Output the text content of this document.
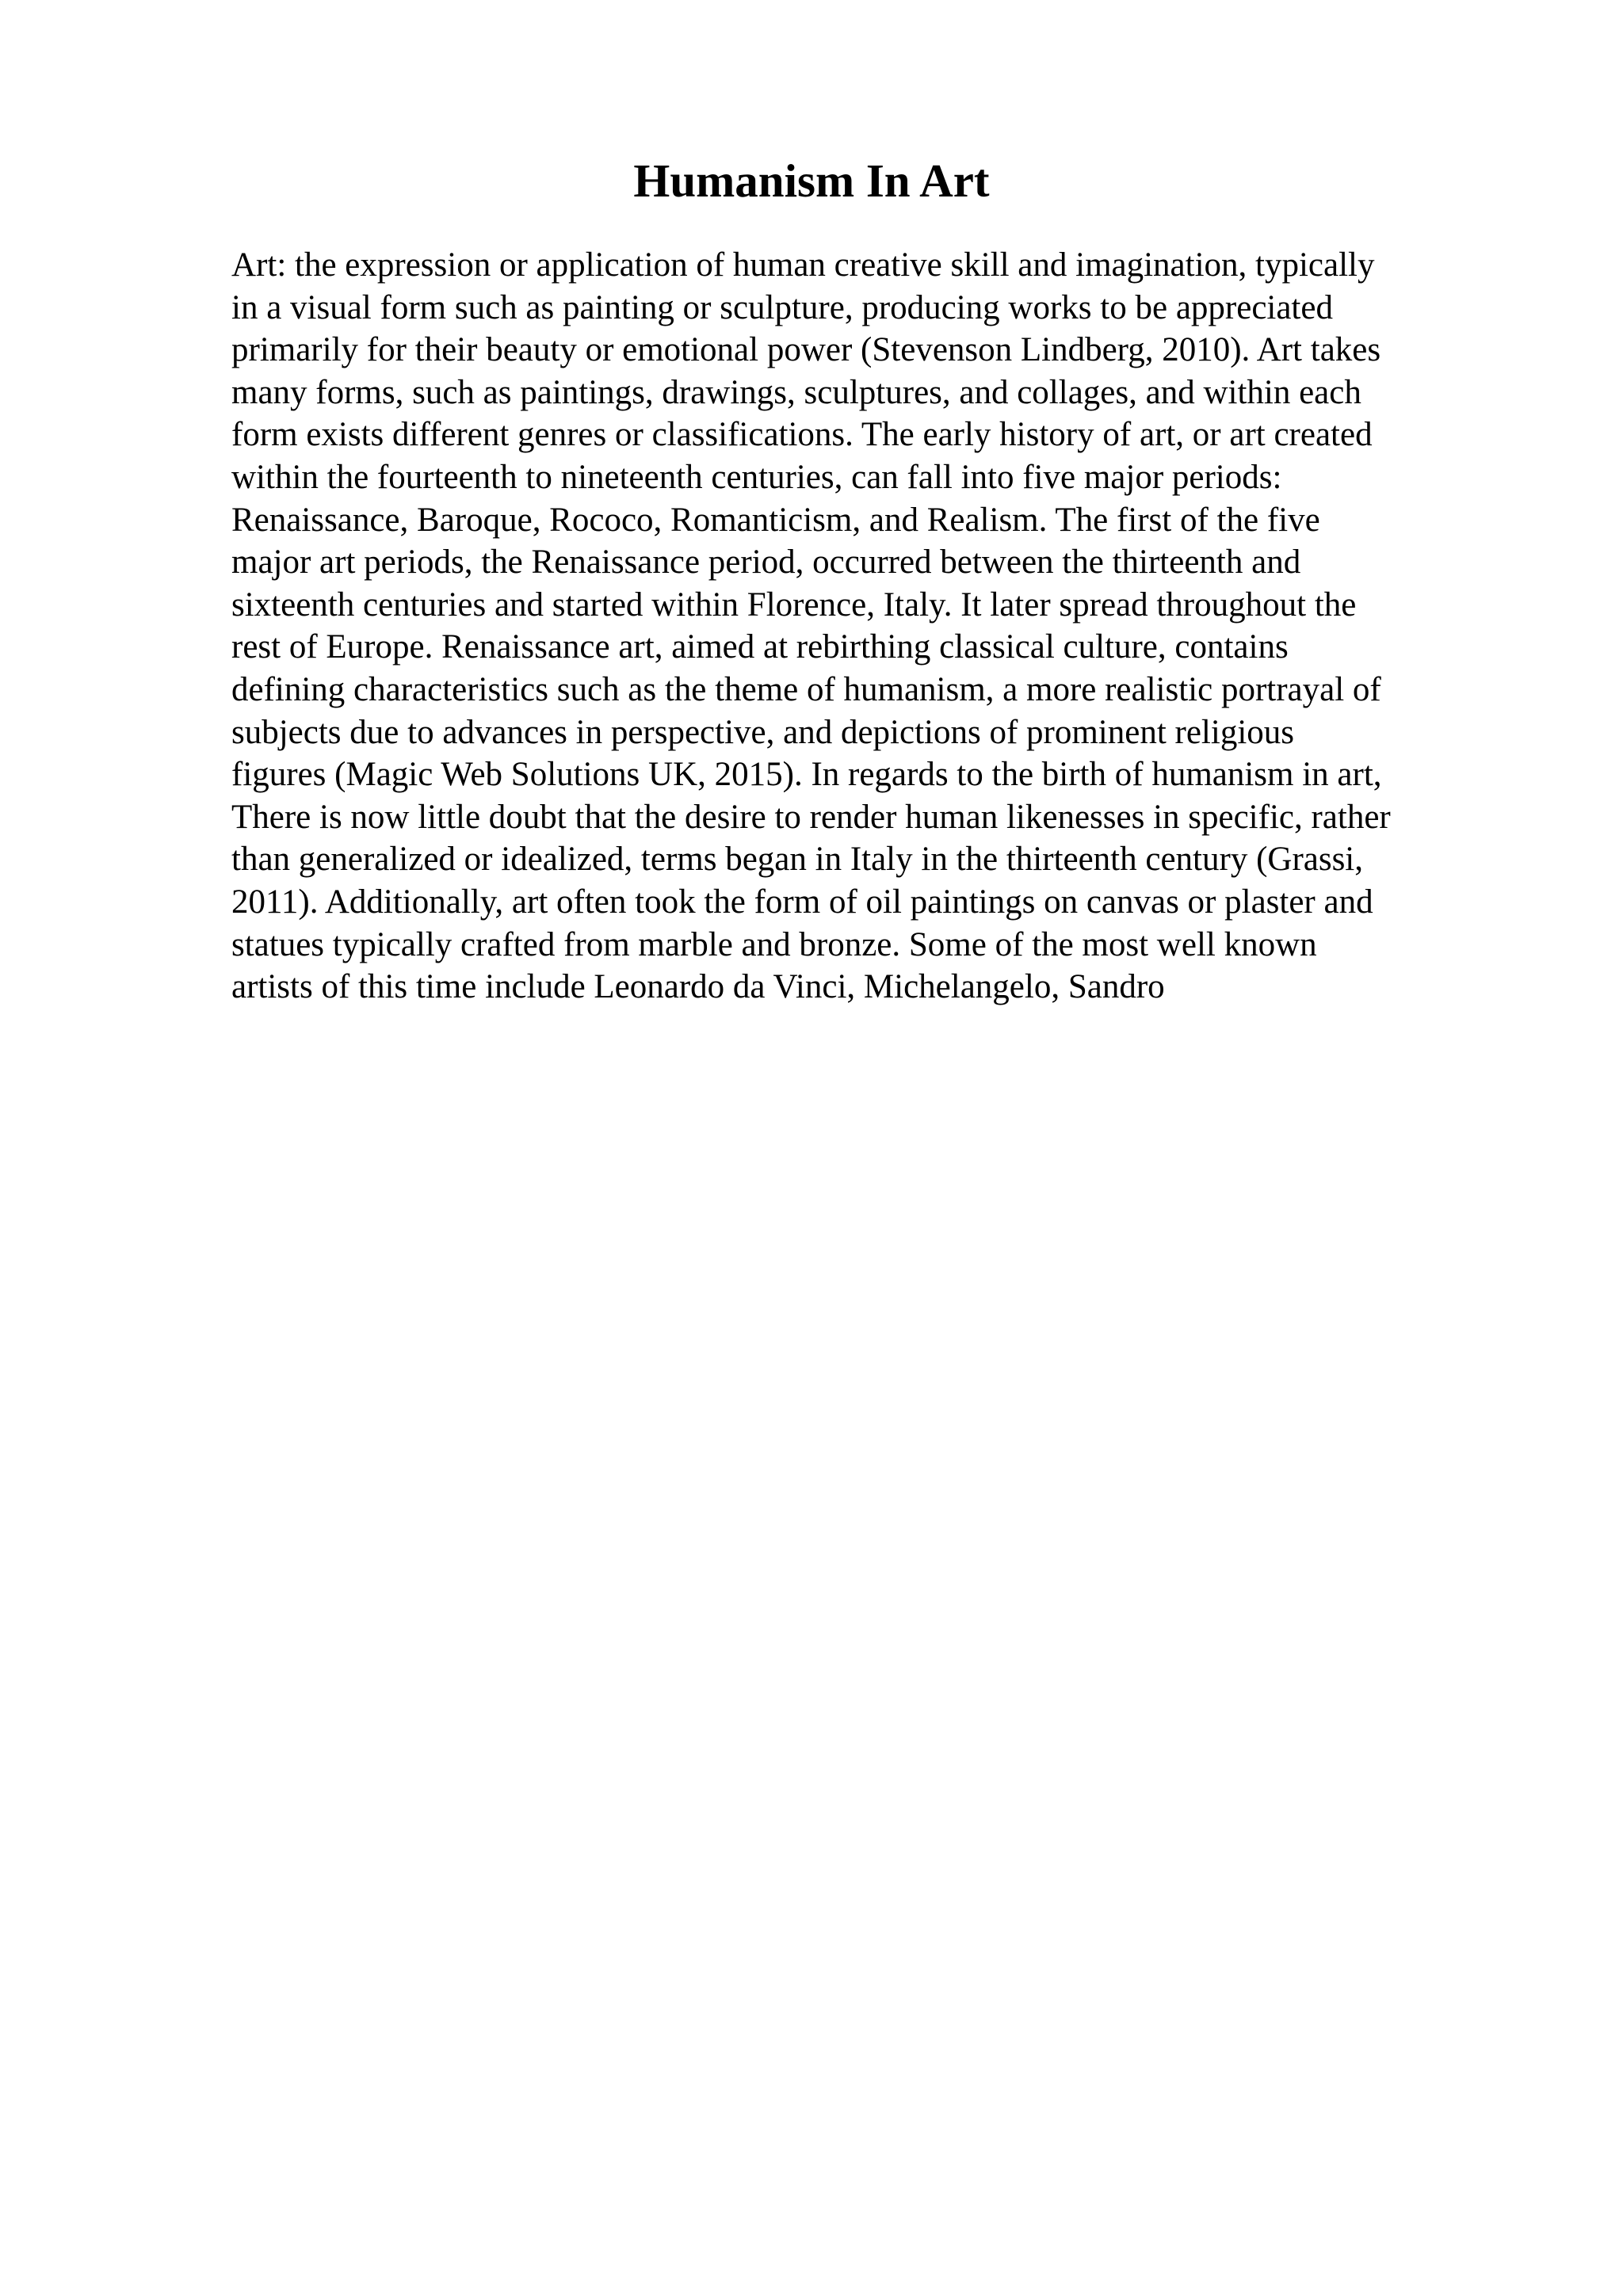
Humanism In Art
Art: the expression or application of human creative skill and imagination, typically
in a visual form such as painting or sculpture, producing works to be appreciated
primarily for their beauty or emotional power (Stevenson Lindberg, 2010). Art takes
many forms, such as paintings, drawings, sculptures, and collages, and within each
form exists different genres or classifications. The early history of art, or art created
within the fourteenth to nineteenth centuries, can fall into five major periods:
Renaissance, Baroque, Rococo, Romanticism, and Realism. The first of the five
major art periods, the Renaissance period, occurred between the thirteenth and
sixteenth centuries and started within Florence, Italy. It later spread throughout the
rest of Europe. Renaissance art, aimed at rebirthing classical culture, contains
defining characteristics such as the theme of humanism, a more realistic portrayal of
subjects due to advances in perspective, and depictions of prominent religious
figures (Magic Web Solutions UK, 2015). In regards to the birth of humanism in art,
There is now little doubt that the desire to render human likenesses in specific, rather
than generalized or idealized, terms began in Italy in the thirteenth century (Grassi,
2011). Additionally, art often took the form of oil paintings on canvas or plaster and
statues typically crafted from marble and bronze. Some of the most well known
artists of this time include Leonardo da Vinci, Michelangelo, Sandro
